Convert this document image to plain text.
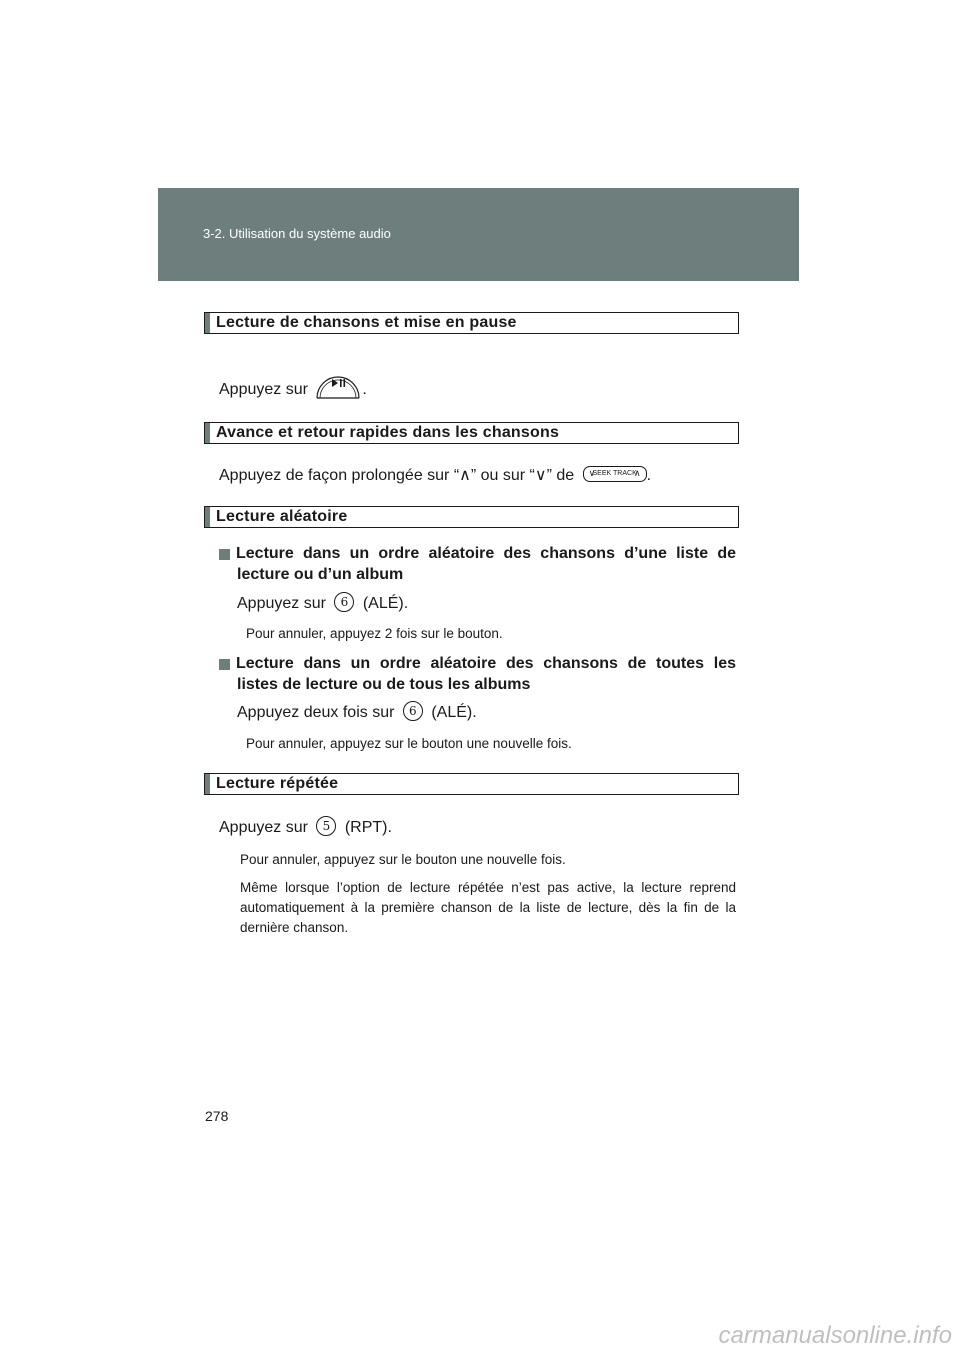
3-2. Utilisation du système audio
Lecture de chansons et mise en pause
Appuyez sur	.
Avance et retour rapides dans les chansons
Appuyez de façon prolongée sur “∧” ou sur “∨” de ∨
SEEK TRACK
∧ .
Lecture aléatoire
Lecture dans un ordre aléatoire des chansons d’une liste de
lecture ou d’un album
Appuyez sur 6 (ALÉ).
Pour annuler, appuyez 2 fois sur le bouton.
Lecture dans un ordre aléatoire des chansons de toutes les
listes de lecture ou de tous les albums
Appuyez deux fois sur 6 (ALÉ).
Pour annuler, appuyez sur le bouton une nouvelle fois.
Lecture répétée
Appuyez sur 5 (RPT).
Pour annuler, appuyez sur le bouton une nouvelle fois.
Même lorsque l’option de lecture répétée n’est pas active, la lecture reprend automatiquement à la première chanson de la liste de lecture, dès la fin de la dernière chanson.
278
carmanualsonline.info
